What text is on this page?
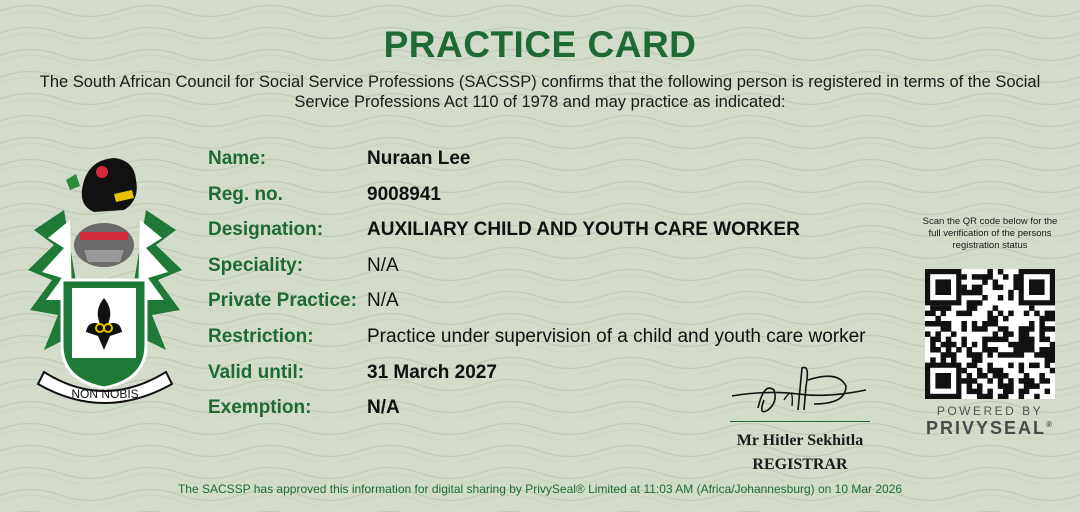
PRACTICE CARD
The South African Council for Social Service Professions (SACSSP) confirms that the following person is registered in terms of the Social Service Professions Act 110 of 1978 and may practice as indicated:
NON NOBIS
Name:	Nuraan Lee
Reg. no.	9008941
Designation: AUXILIARY CHILD AND YOUTH CARE WORKER
Speciality:	N/A
Private Practice: N/A
Restriction:	Practice under supervision of a child and youth care worker
Valid until:	31 March 2027
Exemption:	N/A
Mr Hitler Sekhitla
REGISTRAR
Scan the QR code below for the full verification of the persons registration status
POWERED BY
PRIVYSEAL®
The SACSSP has approved this information for digital sharing by PrivySeal® Limited at 11:03 AM (Africa/Johannesburg) on 10 Mar 2026
